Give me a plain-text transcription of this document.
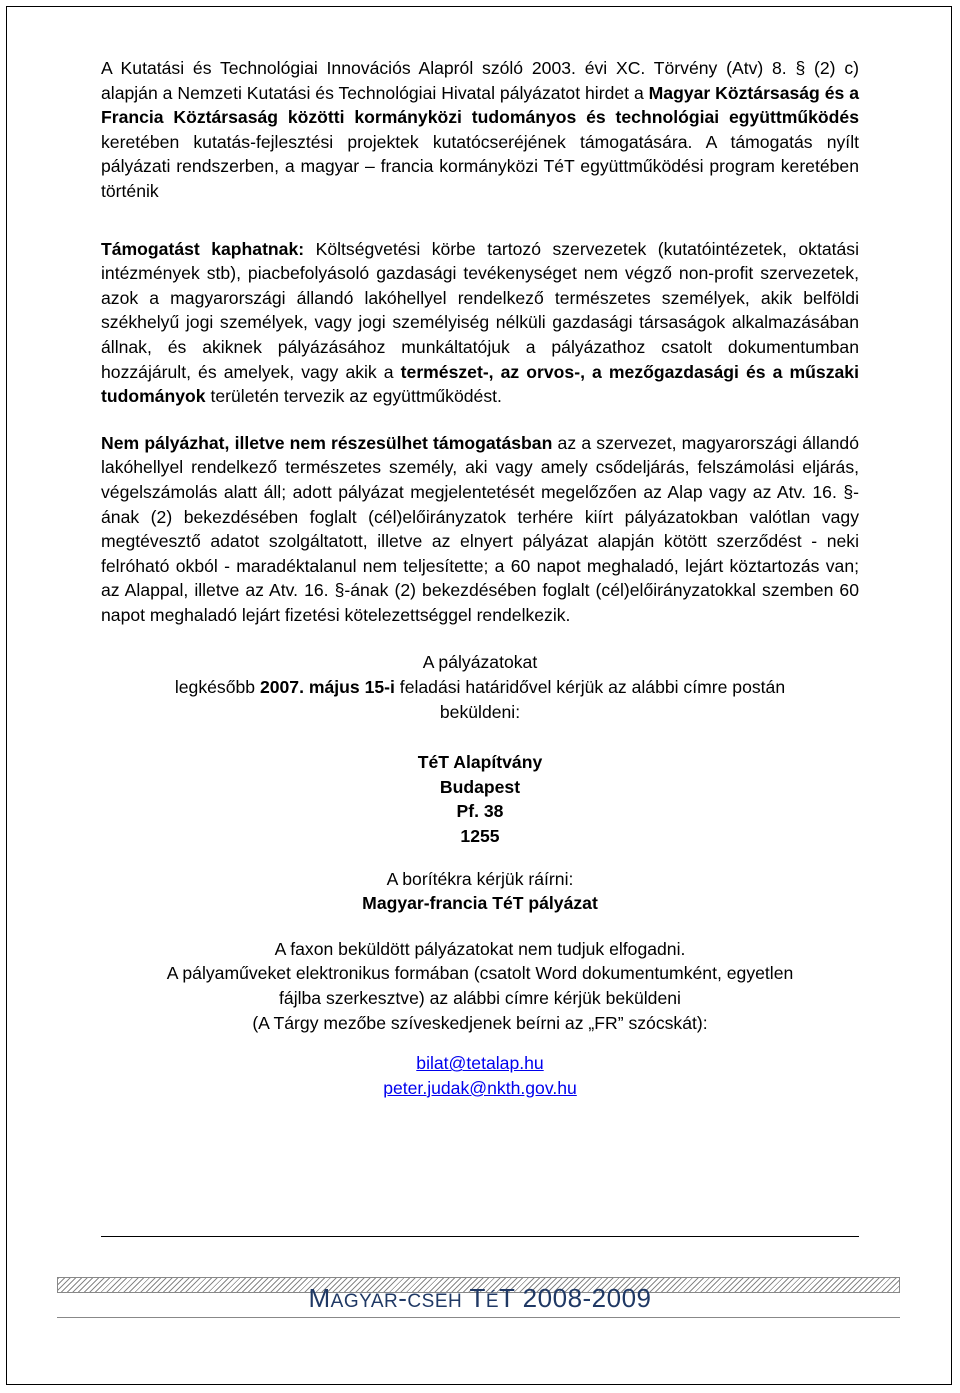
A Kutatási és Technológiai Innovációs Alapról szóló 2003. évi XC. Törvény (Atv) 8. § (2) c) alapján a Nemzeti Kutatási és Technológiai Hivatal pályázatot hirdet a Magyar Köztársaság és a Francia Köztársaság közötti kormányközi tudományos és technológiai együttműködés keretében kutatás-fejlesztési projektek kutatócseréjének támogatására. A támogatás nyílt pályázati rendszerben, a magyar – francia kormányközi TéT együttműködési program keretében történik

Támogatást kaphatnak: Költségvetési körbe tartozó szervezetek (kutatóintézetek, oktatási intézmények stb), piacbefolyásoló gazdasági tevékenységet nem végző non-profit szervezetek, azok a magyarországi állandó lakóhellyel rendelkező természetes személyek, akik belföldi székhelyű jogi személyek, vagy jogi személyiség nélküli gazdasági társaságok alkalmazásában állnak, és akiknek pályázásához munkáltatójuk a pályázathoz csatolt dokumentumban hozzájárult, és amelyek, vagy akik a természet-, az orvos-, a mezőgazdasági és a műszaki tudományok területén tervezik az együttműködést.

Nem pályázhat, illetve nem részesülhet támogatásban az a szervezet, magyarországi állandó lakóhellyel rendelkező természetes személy, aki vagy amely csődeljárás, felszámolási eljárás, végelszámolás alatt áll; adott pályázat megjelentetését megelőzően az Alap vagy az Atv. 16. §-ának (2) bekezdésében foglalt (cél)előirányzatok terhére kiírt pályázatokban valótlan vagy megtévesztő adatot szolgáltatott, illetve az elnyert pályázat alapján kötött szerződést - neki felróható okból - maradéktalanul nem teljesítette; a 60 napot meghaladó, lejárt köztartozás van; az Alappal, illetve az Atv. 16. §-ának (2) bekezdésében foglalt (cél)előirányzatokkal szemben 60 napot meghaladó lejárt fizetési kötelezettséggel rendelkezik.

A pályázatokat

legkésőbb 2007. május 15-i feladási határidővel kérjük az alábbi címre postán

beküldeni:

TéT Alapítvány
Budapest
Pf. 38
1255

A borítékra kérjük ráírni:

Magyar-francia TéT pályázat

A faxon beküldött pályázatokat nem tudjuk elfogadni.

A pályaműveket elektronikus formában (csatolt Word dokumentumként, egyetlen

fájlba szerkesztve) az alábbi címre kérjük beküldeni

(A Tárgy mezőbe szíveskedjenek beírni az „FR” szócskát):

bilat@tetalap.hu
peter.judak@nkth.gov.hu

MAGYAR-CSEH TÉT 2008-2009
